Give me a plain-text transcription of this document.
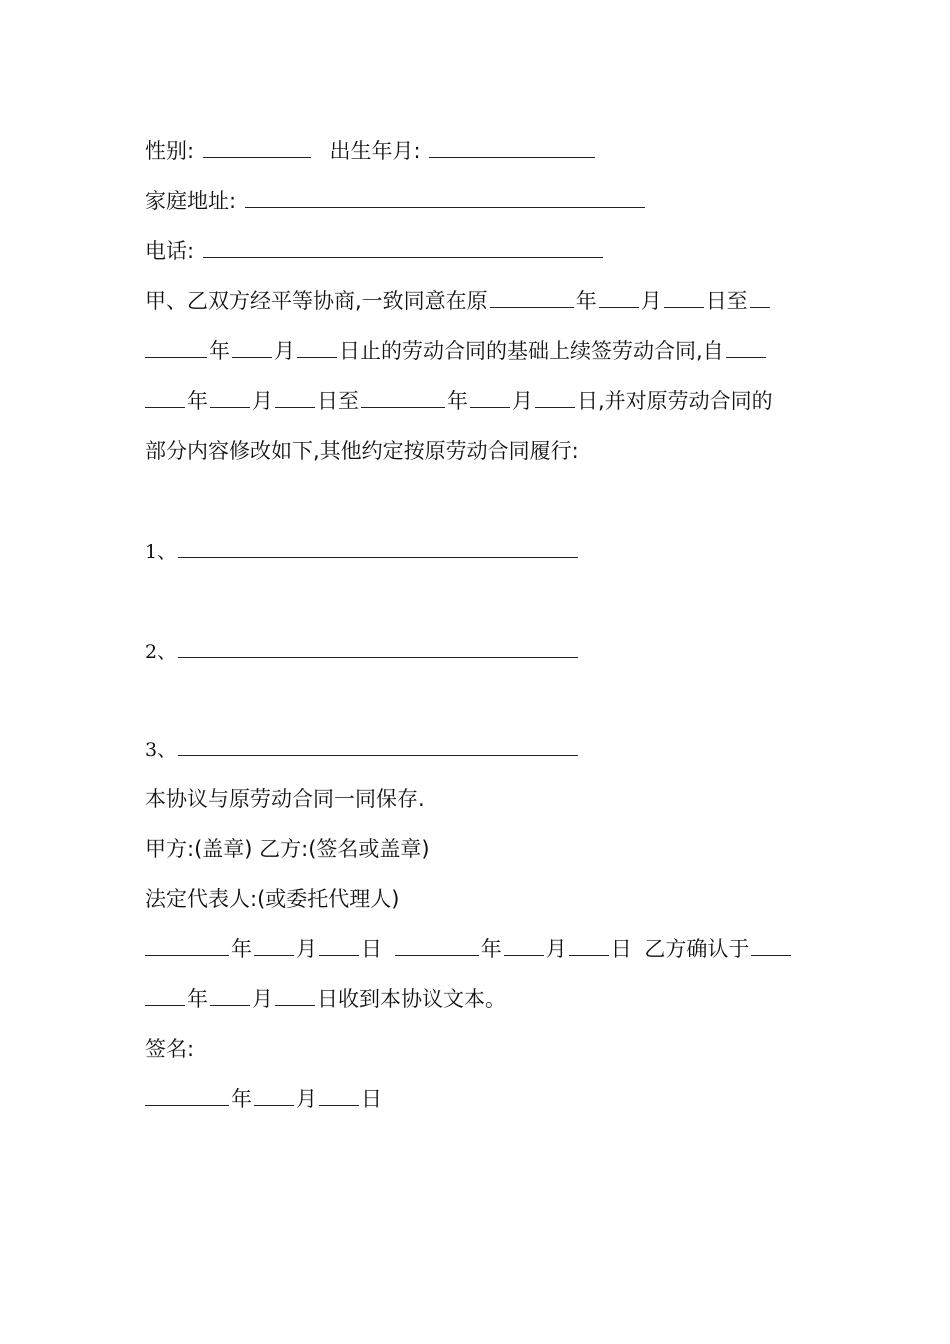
性别:	出生年月:
家庭地址:
电话:
甲、乙双方经平等协商,一致同意在原	年 月 日至
年 月 日止的劳动合同的基础上续签劳动合同,自
年 月 日至	年 月 日,并对原劳动合同的
部分内容修改如下,其他约定按原劳动合同履行:
1、
2、
3、
本协议与原劳动合同一同保存.
甲方:(盖章) 乙方:(签名或盖章)
法定代表人:(或委托代理人)
年 月 日	年 月 日 乙方确认于
年 月 日收到本协议文本。
签名:
年 月 日
